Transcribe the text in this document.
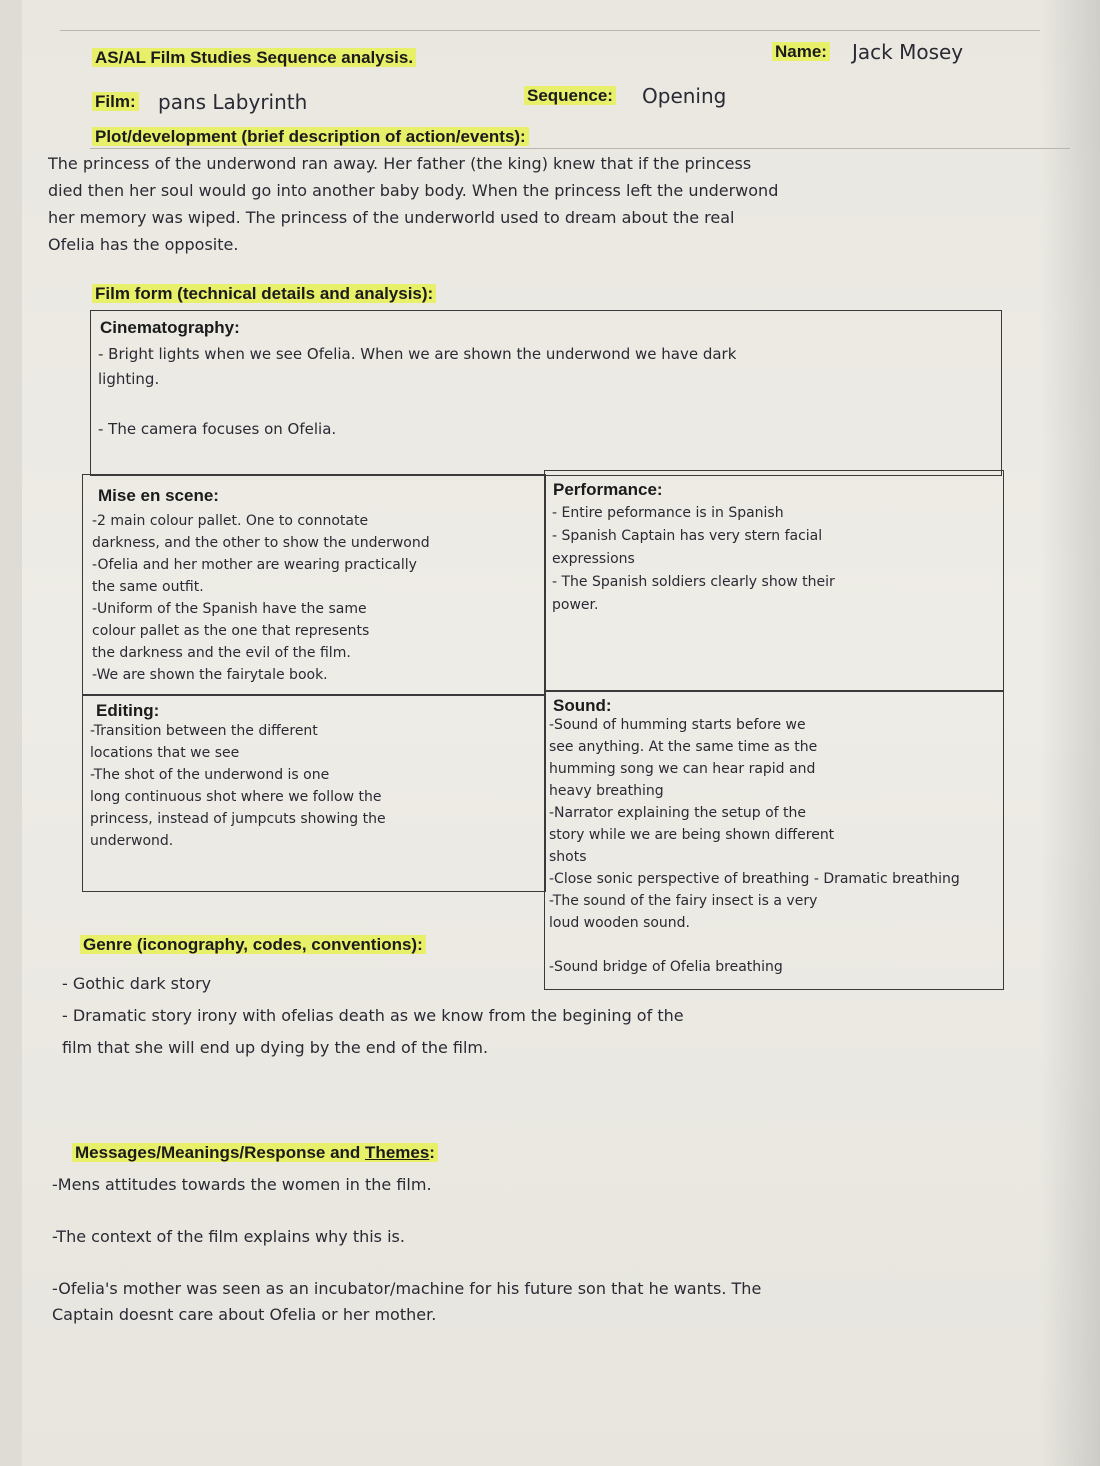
AS/AL Film Studies Sequence analysis.	Name: Jack Mosey
Film: pans Labyrinth	Sequence: Opening
Plot/development (brief description of action/events):
The princess of the underwond ran away. Her father (the king) knew that if the princess
died then her soul would go into another baby body. When the princess left the underwond
her memory was wiped. The princess of the underworld used to dream about the real
Ofelia has the opposite.
Film form (technical details and analysis):
Cinematography:
- Bright lights when we see Ofelia. When we are shown the underwond we have dark
lighting.

- The camera focuses on Ofelia.
Mise en scene:
-2 main colour pallet. One to connotate
darkness, and the other to show the underwond
-Ofelia and her mother are wearing practically
the same outfit.
-Uniform of the Spanish have the same
colour pallet as the one that represents
the darkness and the evil of the film.
-We are shown the fairytale book.
Performance:
- Entire peformance is in Spanish
- Spanish Captain has very stern facial
expressions
- The Spanish soldiers clearly show their
power.
Editing:
-Transition between the different
locations that we see
-The shot of the underwond is one
long continuous shot where we follow the
princess, instead of jumpcuts showing the
underwond.
Sound:
-Sound of humming starts before we
see anything. At the same time as the
humming song we can hear rapid and
heavy breathing
-Narrator explaining the setup of the
story while we are being shown different
shots
-Close sonic perspective of breathing - Dramatic breathing
-The sound of the fairy insect is a very
loud wooden sound.

-Sound bridge of Ofelia breathing
Genre (iconography, codes, conventions):
- Gothic dark story
- Dramatic story irony with ofelias death as we know from the begining of the
film that she will end up dying by the end of the film.
Messages/Meanings/Response and Themes:
-Mens attitudes towards the women in the film.

-The context of the film explains why this is.

-Ofelia's mother was seen as an incubator/machine for his future son that he wants. The
Captain doesnt care about Ofelia or her mother.
